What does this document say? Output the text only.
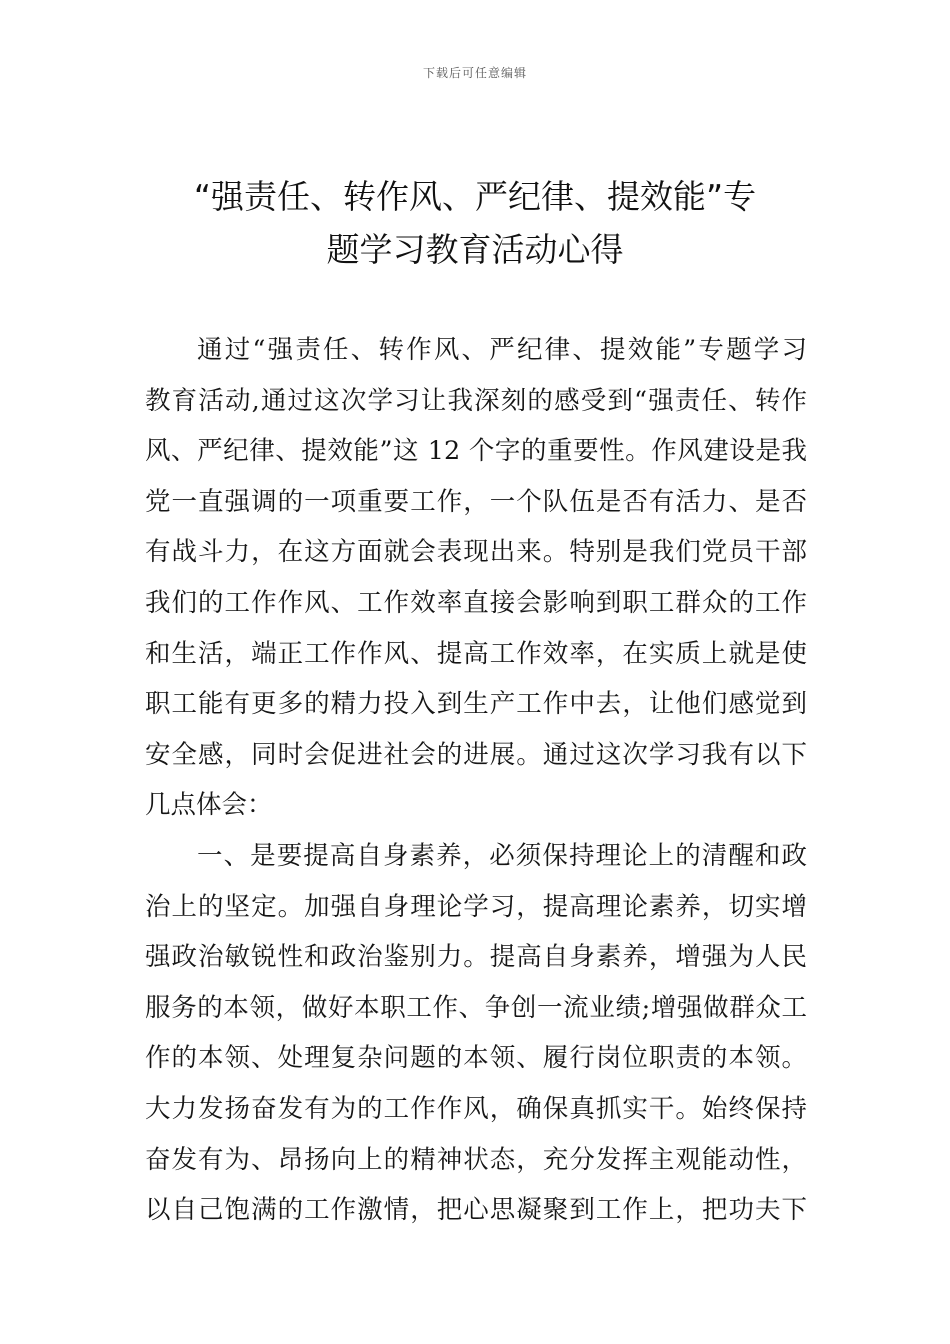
下载后可任意编辑
“强责任、转作风、严纪律、提效能”专
题学习教育活动心得
通过“强责任、转作风、严纪律、提效能”专题学习
教育活动,通过这次学习让我深刻的感受到“强责任、转作
风、严纪律、提效能”这 12 个字的重要性。作风建设是我
党一直强调的一项重要工作，一个队伍是否有活力、是否
有战斗力，在这方面就会表现出来。特别是我们党员干部
我们的工作作风、工作效率直接会影响到职工群众的工作
和生活，端正工作作风、提高工作效率，在实质上就是使
职工能有更多的精力投入到生产工作中去，让他们感觉到
安全感，同时会促进社会的进展。通过这次学习我有以下
几点体会：
一、是要提高自身素养，必须保持理论上的清醒和政
治上的坚定。加强自身理论学习，提高理论素养，切实增
强政治敏锐性和政治鉴别力。提高自身素养，增强为人民
服务的本领，做好本职工作、争创一流业绩;增强做群众工
作的本领、处理复杂问题的本领、履行岗位职责的本领。
大力发扬奋发有为的工作作风，确保真抓实干。始终保持
奋发有为、昂扬向上的精神状态，充分发挥主观能动性，
以自己饱满的工作激情，把心思凝聚到工作上，把功夫下
